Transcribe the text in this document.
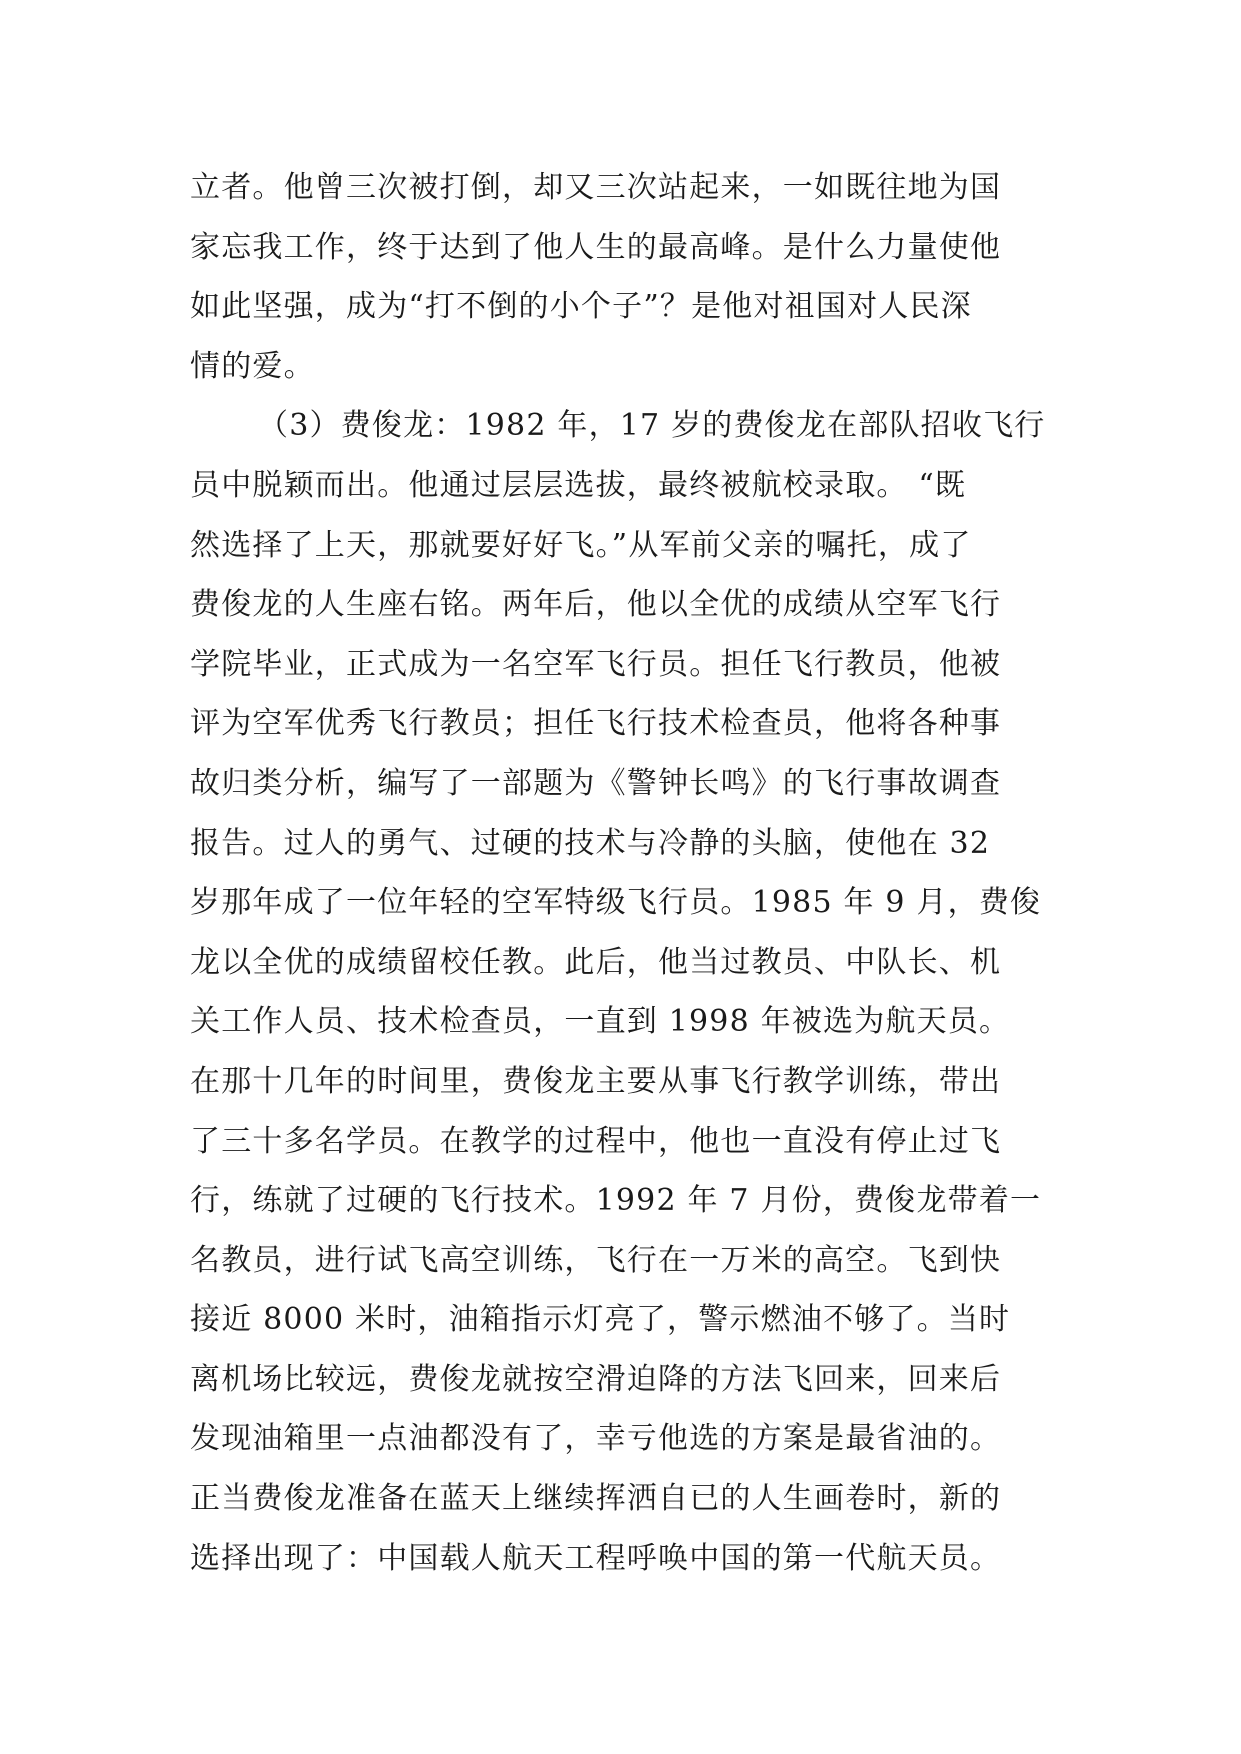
立者。他曾三次被打倒，却又三次站起来，一如既往地为国
家忘我工作，终于达到了他人生的最高峰。是什么力量使他
如此坚强，成为“打不倒的小个子”？是他对祖国对人民深
情的爱。
（3）费俊龙：1982 年，17 岁的费俊龙在部队招收飞行
员中脱颖而出。他通过层层选拔，最终被航校录取。 “既
然选择了上天，那就要好好飞。”从军前父亲的嘱托，成了
费俊龙的人生座右铭。两年后，他以全优的成绩从空军飞行
学院毕业，正式成为一名空军飞行员。担任飞行教员，他被
评为空军优秀飞行教员；担任飞行技术检查员，他将各种事
故归类分析，编写了一部题为《警钟长鸣》的飞行事故调查
报告。过人的勇气、过硬的技术与冷静的头脑，使他在 32
岁那年成了一位年轻的空军特级飞行员。1985 年 9 月，费俊
龙以全优的成绩留校任教。此后，他当过教员、中队长、机
关工作人员、技术检查员，一直到 1998 年被选为航天员。
在那十几年的时间里，费俊龙主要从事飞行教学训练，带出
了三十多名学员。在教学的过程中，他也一直没有停止过飞
行，练就了过硬的飞行技术。1992 年 7 月份，费俊龙带着一
名教员，进行试飞高空训练，飞行在一万米的高空。飞到快
接近 8000 米时，油箱指示灯亮了，警示燃油不够了。当时
离机场比较远，费俊龙就按空滑迫降的方法飞回来，回来后
发现油箱里一点油都没有了，幸亏他选的方案是最省油的。
正当费俊龙准备在蓝天上继续挥洒自已的人生画卷时，新的
选择出现了：中国载人航天工程呼唤中国的第一代航天员。
